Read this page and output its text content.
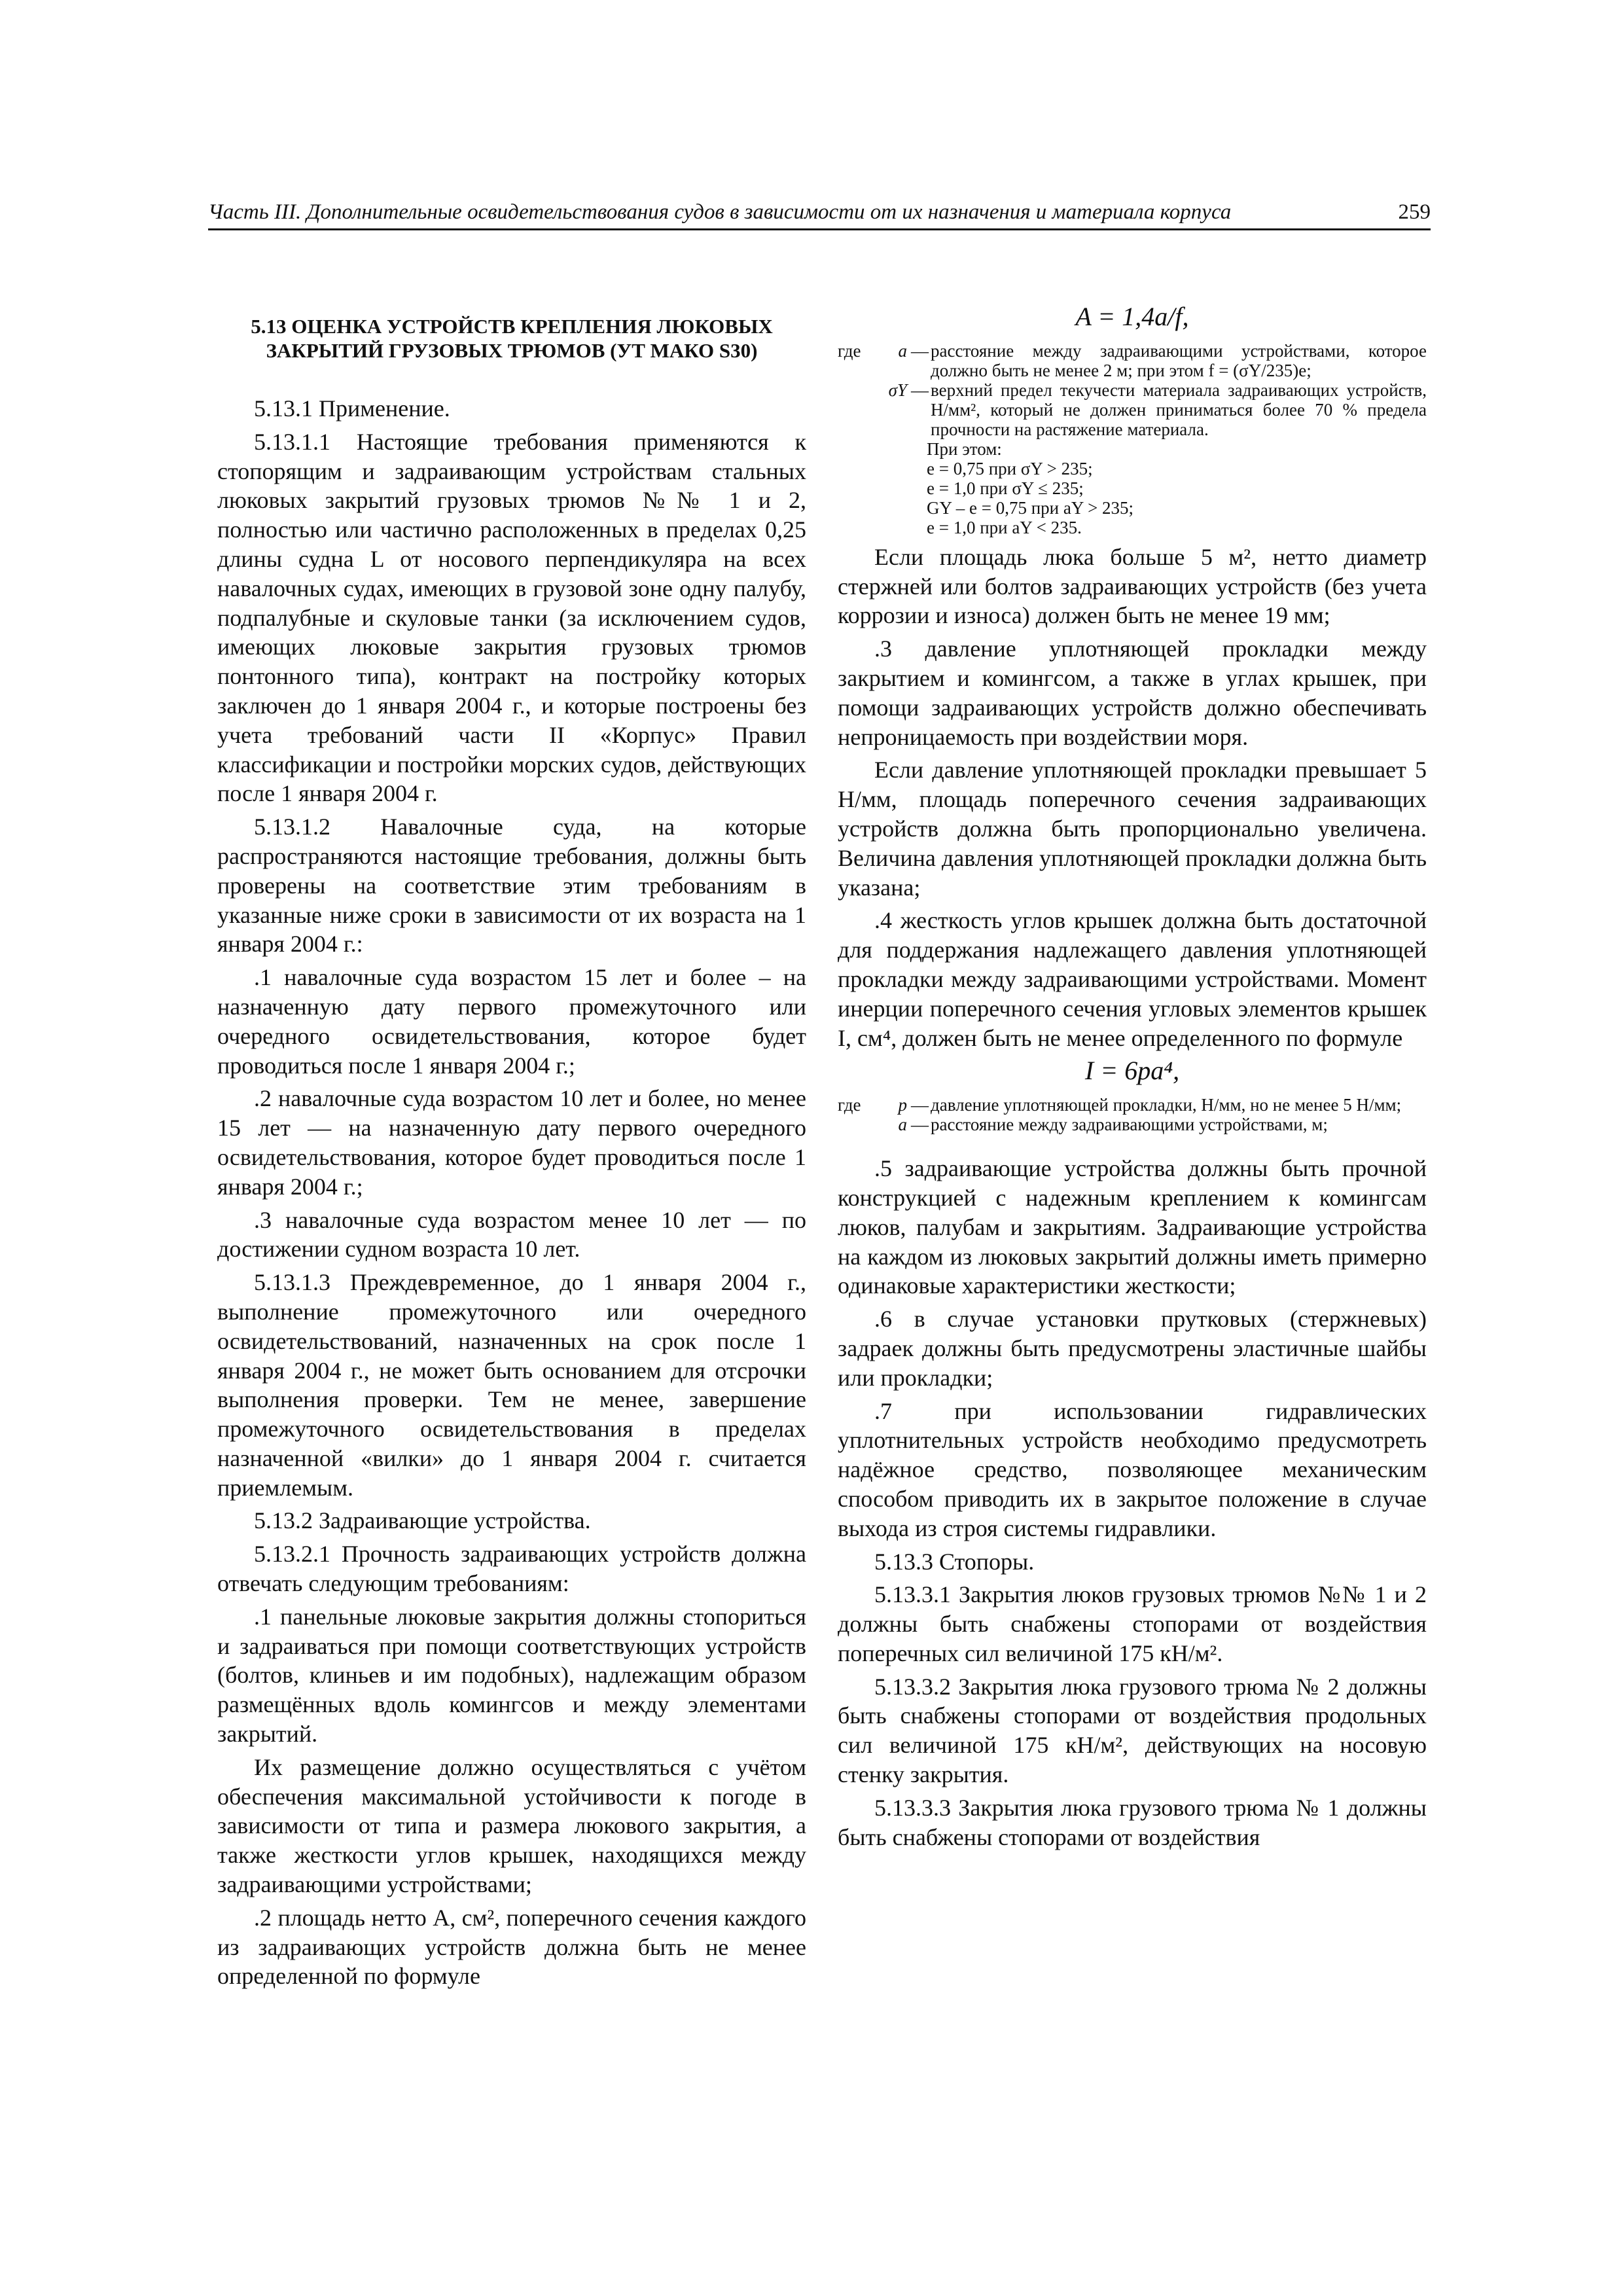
Часть III. Дополнительные освидетельствования судов в зависимости от их назначения и материала корпуса	259
5.13 ОЦЕНКА УСТРОЙСТВ КРЕПЛЕНИЯ ЛЮКОВЫХ
ЗАКРЫТИЙ ГРУЗОВЫХ ТРЮМОВ (УТ МАКО S30)

5.13.1 Применение.

5.13.1.1 Настоящие требования применяются к стопорящим и задраивающим устройствам стальных люковых закрытий грузовых трюмов №№ 1 и 2, полностью или частично расположенных в пределах 0,25 длины судна L от носового перпендикуляра на всех навалочных судах, имеющих в грузовой зоне одну палубу, подпалубные и скуловые танки (за исключением судов, имеющих люковые закрытия грузовых трюмов понтонного типа), контракт на постройку которых заключен до 1 января 2004 г., и которые построены без учета требований части II «Корпус» Правил классификации и постройки морских судов, действующих после 1 января 2004 г.

5.13.1.2 Навалочные суда, на которые распространяются настоящие требования, должны быть проверены на соответствие этим требованиям в указанные ниже сроки в зависимости от их возраста на 1 января 2004 г.:

.1 навалочные суда возрастом 15 лет и более – на назначенную дату первого промежуточного или очередного освидетельствования, которое будет проводиться после 1 января 2004 г.;

.2 навалочные суда возрастом 10 лет и более, но менее 15 лет — на назначенную дату первого очередного освидетельствования, которое будет проводиться после 1 января 2004 г.;

.3 навалочные суда возрастом менее 10 лет — по достижении судном возраста 10 лет.

5.13.1.3 Преждевременное, до 1 января 2004 г., выполнение промежуточного или очередного освидетельствований, назначенных на срок после 1 января 2004 г., не может быть основанием для отсрочки выполнения проверки. Тем не менее, завершение промежуточного освидетельствования в пределах назначенной «вилки» до 1 января 2004 г. считается приемлемым.

5.13.2 Задраивающие устройства.

5.13.2.1 Прочность задраивающих устройств должна отвечать следующим требованиям:

.1 панельные люковые закрытия должны стопориться и задраиваться при помощи соответствующих устройств (болтов, клиньев и им подобных), надлежащим образом размещённых вдоль комингсов и между элементами закрытий.

Их размещение должно осуществляться с учётом обеспечения максимальной устойчивости к погоде в зависимости от типа и размера люкового закрытия, а также жесткости углов крышек, находящихся между задраивающими устройствами;

.2 площадь нетто A, см², поперечного сечения каждого из задраивающих устройств должна быть не менее определенной по формуле

A = 1,4a/f,
где	a — расстояние между задраивающими устройствами, которое должно быть не менее 2 м; при этом f = (σY/235)e;
σY — верхний предел текучести материала задраивающих устройств, Н/мм², который не должен приниматься более 70 % предела прочности на растяжение материала.
При этом:
e = 0,75 при σY > 235;
e = 1,0 при σY ≤ 235;
GY – e = 0,75 при aY > 235;
e = 1,0 при aY < 235.

Если площадь люка больше 5 м², нетто диаметр стержней или болтов задраивающих устройств (без учета коррозии и износа) должен быть не менее 19 мм;

.3 давление уплотняющей прокладки между закрытием и комингсом, а также в углах крышек, при помощи задраивающих устройств должно обеспечивать непроницаемость при воздействии моря.

Если давление уплотняющей прокладки превышает 5 Н/мм, площадь поперечного сечения задраивающих устройств должна быть пропорционально увеличена. Величина давления уплотняющей прокладки должна быть указана;

.4 жесткость углов крышек должна быть достаточной для поддержания надлежащего давления уплотняющей прокладки между задраивающими устройствами. Момент инерции поперечного сечения угловых элементов крышек I, см⁴, должен быть не менее определенного по формуле

I = 6pa⁴,
где	p — давление уплотняющей прокладки, Н/мм, но не менее 5 Н/мм;
a — расстояние между задраивающими устройствами, м;

.5 задраивающие устройства должны быть прочной конструкцией с надежным креплением к комингсам люков, палубам и закрытиям. Задраивающие устройства на каждом из люковых закрытий должны иметь примерно одинаковые характеристики жесткости;

.6 в случае установки прутковых (стержневых) задраек должны быть предусмотрены эластичные шайбы или прокладки;

.7 при использовании гидравлических уплотнительных устройств необходимо предусмотреть надёжное средство, позволяющее механическим способом приводить их в закрытое положение в случае выхода из строя системы гидравлики.

5.13.3 Стопоры.

5.13.3.1 Закрытия люков грузовых трюмов №№ 1 и 2 должны быть снабжены стопорами от воздействия поперечных сил величиной 175 кН/м².

5.13.3.2 Закрытия люка грузового трюма № 2 должны быть снабжены стопорами от воздействия продольных сил величиной 175 кН/м², действующих на носовую стенку закрытия.

5.13.3.3 Закрытия люка грузового трюма № 1 должны быть снабжены стопорами от воздействия
